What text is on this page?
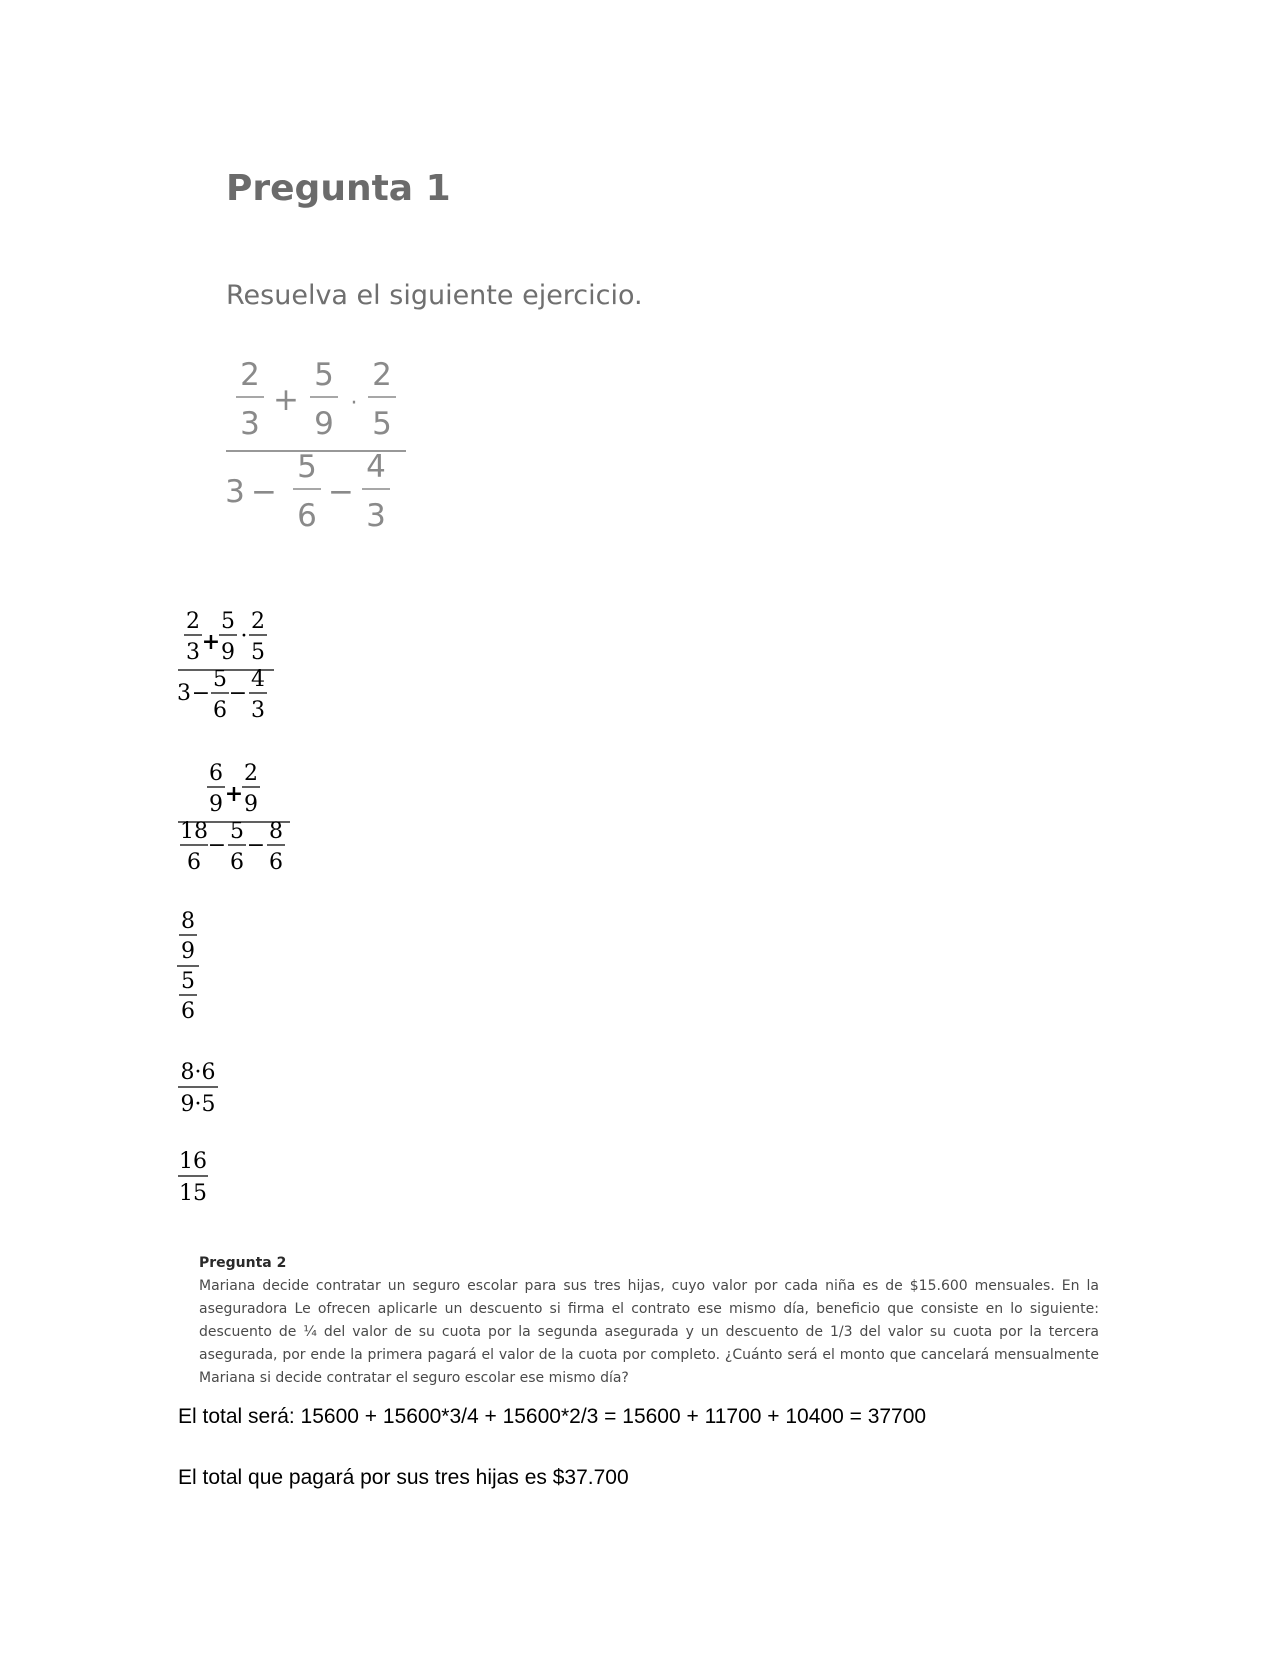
Pregunta 1
Resuelva el siguiente ejercicio.
2
3
+
5
9
·
2
5
3 −
5
6
−
4
3
2
3 +
5
9
·
2
5
3 −
5
6
−
4
3
6
9 +
2
9
18
6
−
5
6
−
8
6
8
9
5
6
8·6
9·5
16
15
Pregunta 2
Mariana decide contratar un seguro escolar para sus tres hijas, cuyo valor por cada niña es de $15.600 mensuales. En la aseguradora Le ofrecen aplicarle un descuento si firma el contrato ese mismo día, beneficio que consiste en lo siguiente: descuento de ¼ del valor de su cuota por la segunda asegurada y un descuento de 1/3 del valor su cuota por la tercera asegurada, por ende la primera pagará el valor de la cuota por completo. ¿Cuánto será el monto que cancelará mensualmente Mariana si decide contratar el seguro escolar ese mismo día?
El total será: 15600 + 15600*3/4 + 15600*2/3 = 15600 + 11700 + 10400 = 37700
El total que pagará por sus tres hijas es $37.700
